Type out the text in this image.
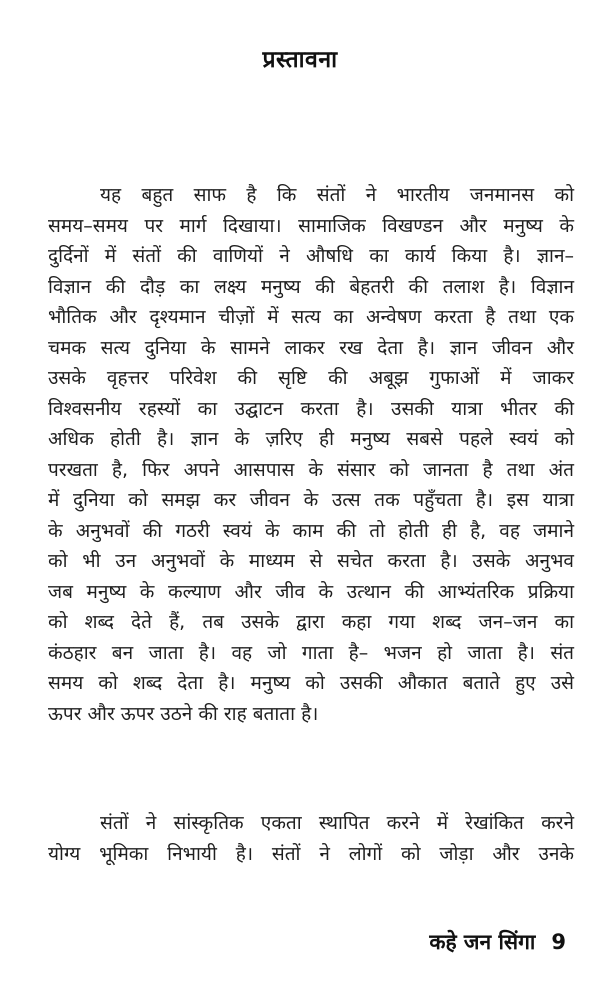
प्रस्तावना
यह बहुत साफ है कि संतों ने भारतीय जनमानस को
समय–समय पर मार्ग दिखाया। सामाजिक विखण्डन और मनुष्य के
दुर्दिनों में संतों की वाणियों ने औषधि का कार्य किया है। ज्ञान–
विज्ञान की दौड़ का लक्ष्य मनुष्य की बेहतरी की तलाश है। विज्ञान
भौतिक और दृश्यमान चीज़ों में सत्य का अन्वेषण करता है तथा एक
चमक सत्य दुनिया के सामने लाकर रख देता है। ज्ञान जीवन और
उसके वृहत्तर परिवेश की सृष्टि की अबूझ गुफाओं में जाकर
विश्वसनीय रहस्यों का उद्घाटन करता है। उसकी यात्रा भीतर की
अधिक होती है। ज्ञान के ज़रिए ही मनुष्य सबसे पहले स्वयं को
परखता है, फिर अपने आसपास के संसार को जानता है तथा अंत
में दुनिया को समझ कर जीवन के उत्स तक पहुँचता है। इस यात्रा
के अनुभवों की गठरी स्वयं के काम की तो होती ही है, वह जमाने
को भी उन अनुभवों के माध्यम से सचेत करता है। उसके अनुभव
जब मनुष्य के कल्याण और जीव के उत्थान की आभ्यंतरिक प्रक्रिया
को शब्द देते हैं, तब उसके द्वारा कहा गया शब्द जन–जन का
कंठहार बन जाता है। वह जो गाता है– भजन हो जाता है। संत
समय को शब्द देता है। मनुष्य को उसकी औकात बताते हुए उसे
ऊपर और ऊपर उठने की राह बताता है।
संतों ने सांस्कृतिक एकता स्थापित करने में रेखांकित करने
योग्य भूमिका निभायी है। संतों ने लोगों को जोड़ा और उनके
कहे जन सिंगा 9
